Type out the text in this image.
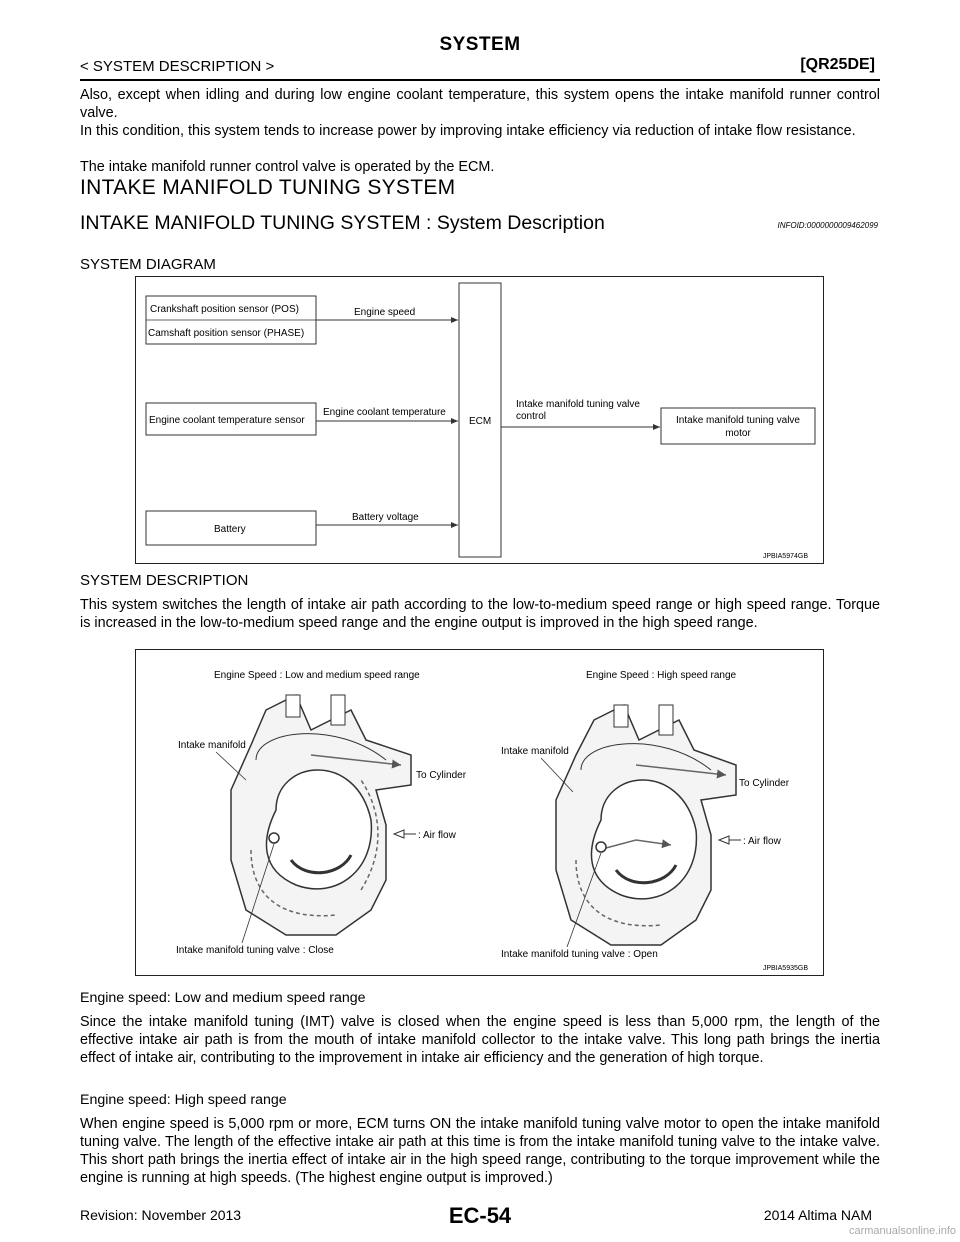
SYSTEM
< SYSTEM DESCRIPTION >	[QR25DE]
Also, except when idling and during low engine coolant temperature, this system opens the intake manifold runner control valve.
In this condition, this system tends to increase power by improving intake efficiency via reduction of intake flow resistance.
The intake manifold runner control valve is operated by the ECM.
INTAKE MANIFOLD TUNING SYSTEM
INTAKE MANIFOLD TUNING SYSTEM : System Description	INFOID:0000000009462099
SYSTEM DIAGRAM
Crankshaft position sensor (POS)
Camshaft position sensor (PHASE)
Engine speed
Engine coolant temperature sensor
Engine coolant temperature
Battery
Battery voltage
ECM
Intake manifold tuning valve
control	Intake manifold tuning valve
motor
JPBIA5974GB
SYSTEM DESCRIPTION
This system switches the length of intake air path according to the low-to-medium speed range or high speed range. Torque is increased in the low-to-medium speed range and the engine output is improved in the high speed range.
Engine Speed : Low and medium speed range	Engine Speed : High speed range
Intake manifold
To Cylinder
: Air flow
Intake manifold tuning valve : Close
Intake manifold
To Cylinder
: Air flow
Intake manifold tuning valve : Open
JPBIA5935GB
Engine speed: Low and medium speed range
Since the intake manifold tuning (IMT) valve is closed when the engine speed is less than 5,000 rpm, the length of the effective intake air path is from the mouth of intake manifold collector to the intake valve. This long path brings the inertia effect of intake air, contributing to the improvement in intake air efficiency and the generation of high torque.
Engine speed: High speed range
When engine speed is 5,000 rpm or more, ECM turns ON the intake manifold tuning valve motor to open the intake manifold tuning valve. The length of the effective intake air path at this time is from the intake manifold tuning valve to the intake valve. This short path brings the inertia effect of intake air in the high speed range, contributing to the torque improvement while the engine is running at high speeds. (The highest engine output is improved.)
Revision: November 2013	EC-54	2014 Altima NAM
carmanualsonline.info
